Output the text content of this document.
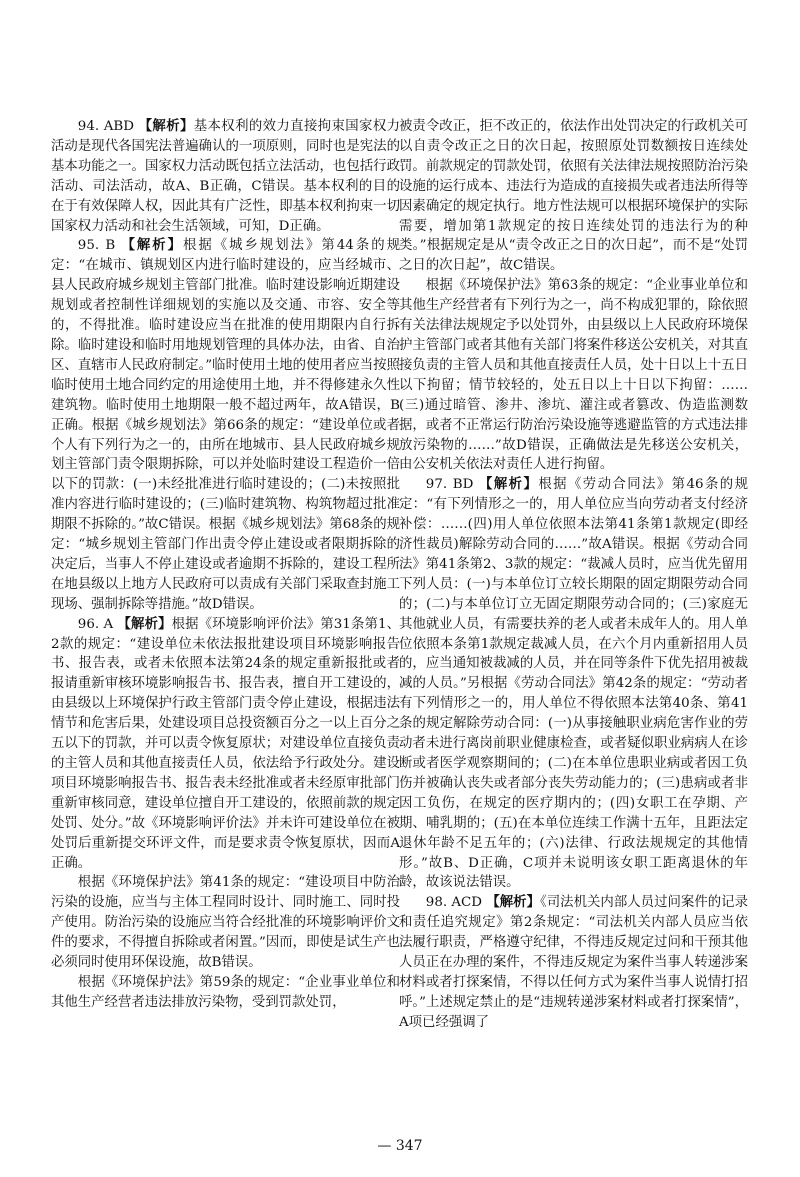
94. ABD 【解析】基本权利的效力直接拘束国家权力活动是现代各国宪法普遍确认的一项原则，同时也是宪法的基本功能之一。国家权力活动既包括立法活动，也包括行政活动、司法活动，故A、B正确，C错误。基本权利的目的在于有效保障人权，因此其有广泛性，即基本权利拘束一切国家权力活动和社会生活领域，可知，D正确。

95. B 【解析】根据《城乡规划法》第44条的规定：“在城市、镇规划区内进行临时建设的，应当经城市、县人民政府城乡规划主管部门批准。临时建设影响近期建设规划或者控制性详细规划的实施以及交通、市容、安全等的，不得批准。临时建设应当在批准的使用期限内自行拆除。临时建设和临时用地规划管理的具体办法，由省、自治区、直辖市人民政府制定。”临时使用土地的使用者应当按照临时使用土地合同约定的用途使用土地，并不得修建永久性建筑物。临时使用土地期限一般不超过两年，故A错误，B正确。根据《城乡规划法》第66条的规定：“建设单位或者个人有下列行为之一的，由所在地城市、县人民政府城乡规划主管部门责令限期拆除，可以并处临时建设工程造价一倍以下的罚款：(一)未经批准进行临时建设的；(二)未按照批准内容进行临时建设的；(三)临时建筑物、构筑物超过批准期限不拆除的。”故C错误。根据《城乡规划法》第68条的规定：“城乡规划主管部门作出责令停止建设或者限期拆除的决定后，当事人不停止建设或者逾期不拆除的，建设工程所在地县级以上地方人民政府可以责成有关部门采取查封施工现场、强制拆除等措施。”故D错误。

96. A 【解析】根据《环境影响评价法》第31条第1、2款的规定：“建设单位未依法报批建设项目环境影响报告书、报告表，或者未依照本法第24条的规定重新报批或者报请重新审核环境影响报告书、报告表，擅自开工建设的，由县级以上环境保护行政主管部门责令停止建设，根据违法情节和危害后果，处建设项目总投资额百分之一以上百分之五以下的罚款，并可以责令恢复原状；对建设单位直接负责的主管人员和其他直接责任人员，依法给予行政处分。建设项目环境影响报告书、报告表未经批准或者未经原审批部门重新审核同意，建设单位擅自开工建设的，依照前款的规定处罚、处分。”故《环境影响评价法》并未许可建设单位在被处罚后重新提交环评文件，而是要求责令恢复原状，因而A正确。

根据《环境保护法》第41条的规定：“建设项目中防治污染的设施，应当与主体工程同时设计、同时施工、同时投产使用。防治污染的设施应当符合经批准的环境影响评价文件的要求，不得擅自拆除或者闲置。”因而，即使是试生产也必须同时使用环保设施，故B错误。

根据《环境保护法》第59条的规定：“企业事业单位和其他生产经营者违法排放污染物，受到罚款处罚，

被责令改正，拒不改正的，依法作出处罚决定的行政机关可以自责令改正之日的次日起，按照原处罚数额按日连续处罚。前款规定的罚款处罚，依照有关法律法规按照防治污染设施的运行成本、违法行为造成的直接损失或者违法所得等因素确定的规定执行。地方性法规可以根据环境保护的实际需要，增加第1款规定的按日连续处罚的违法行为的种类。”根据规定是从“责令改正之日的次日起”，而不是“处罚之日的次日起”，故C错误。

根据《环境保护法》第63条的规定：“企业事业单位和其他生产经营者有下列行为之一，尚不构成犯罪的，除依照有关法律法规规定予以处罚外，由县级以上人民政府环境保护主管部门或者其他有关部门将案件移送公安机关，对其直接负责的主管人员和其他直接责任人员，处十日以上十五日以下拘留；情节较轻的，处五日以上十日以下拘留：……(三)通过暗管、渗井、渗坑、灌注或者篡改、伪造监测数据，或者不正常运行防治污染设施等逃避监管的方式违法排放污染物的……”故D错误，正确做法是先移送公安机关，由公安机关依法对责任人进行拘留。

97. BD 【解析】根据《劳动合同法》第46条的规定：“有下列情形之一的，用人单位应当向劳动者支付经济补偿：……(四)用人单位依照本法第41条第1款规定(即经济性裁员)解除劳动合同的……”故A错误。根据《劳动合同法》第41条第2、3款的规定：“裁减人员时，应当优先留用下列人员：(一)与本单位订立较长期限的固定期限劳动合同的；(二)与本单位订立无固定期限劳动合同的；(三)家庭无其他就业人员，有需要扶养的老人或者未成年人的。用人单位依照本条第1款规定裁减人员，在六个月内重新招用人员的，应当通知被裁减的人员，并在同等条件下优先招用被裁减的人员。”另根据《劳动合同法》第42条的规定：“劳动者有下列情形之一的，用人单位不得依照本法第40条、第41条的规定解除劳动合同：(一)从事接触职业病危害作业的劳动者未进行离岗前职业健康检查，或者疑似职业病病人在诊断或者医学观察期间的；(二)在本单位患职业病或者因工负伤并被确认丧失或者部分丧失劳动能力的；(三)患病或者非因工负伤，在规定的医疗期内的；(四)女职工在孕期、产期、哺乳期的；(五)在本单位连续工作满十五年，且距法定退休年龄不足五年的；(六)法律、行政法规规定的其他情形。”故B、D正确，C项并未说明该女职工距离退休的年龄，故该说法错误。

98. ACD 【解析】《司法机关内部人员过问案件的记录和责任追究规定》第2条规定：“司法机关内部人员应当依法履行职责，严格遵守纪律，不得违反规定过问和干预其他人员正在办理的案件，不得违反规定为案件当事人转递涉案材料或者打探案情，不得以任何方式为案件当事人说情打招呼。”上述规定禁止的是“违规转递涉案材料或者打探案情”，A项已经强调了

— 347
